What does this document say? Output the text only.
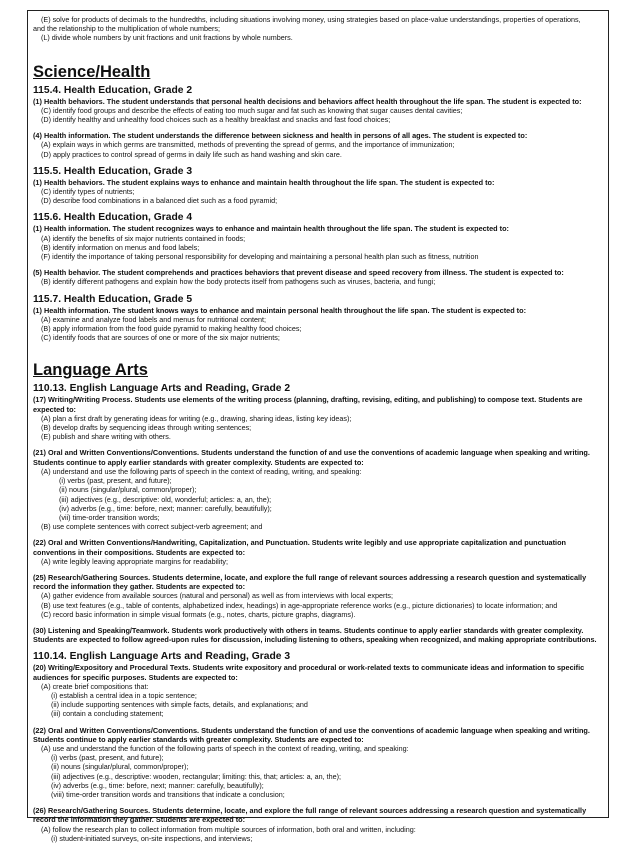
(E) solve for products of decimals to the hundredths, including situations involving money, using strategies based on place-value understandings, properties of operations,
and the relationship to the multiplication of whole numbers;
(L) divide whole numbers by unit fractions and unit fractions by whole numbers.
Science/Health
115.4. Health Education, Grade 2
(1) Health behaviors. The student understands that personal health decisions and behaviors affect health throughout the life span. The student is expected to:
(C) identify food groups and describe the effects of eating too much sugar and fat such as knowing that sugar causes dental cavities;
(D) identify healthy and unhealthy food choices such as a healthy breakfast and snacks and fast food choices;
(4) Health information. The student understands the difference between sickness and health in persons of all ages. The student is expected to:
(A) explain ways in which germs are transmitted, methods of preventing the spread of germs, and the importance of immunization;
(D) apply practices to control spread of germs in daily life such as hand washing and skin care.
115.5. Health Education, Grade 3
(1) Health behaviors. The student explains ways to enhance and maintain health throughout the life span. The student is expected to:
(C) identify types of nutrients;
(D) describe food combinations in a balanced diet such as a food pyramid;
115.6. Health Education, Grade 4
(1) Health information. The student recognizes ways to enhance and maintain health throughout the life span. The student is expected to:
(A) identify the benefits of six major nutrients contained in foods;
(B) identify information on menus and food labels;
(F) identify the importance of taking personal responsibility for developing and maintaining a personal health plan such as fitness, nutrition
(5) Health behavior. The student comprehends and practices behaviors that prevent disease and speed recovery from illness. The student is expected to:
(B) identify different pathogens and explain how the body protects itself from pathogens such as viruses, bacteria, and fungi;
115.7. Health Education, Grade 5
(1) Health information. The student knows ways to enhance and maintain personal health throughout the life span. The student is expected to:
(A) examine and analyze food labels and menus for nutritional content;
(B) apply information from the food guide pyramid to making healthy food choices;
(C) identify foods that are sources of one or more of the six major nutrients;
Language Arts
110.13. English Language Arts and Reading, Grade 2
(17) Writing/Writing Process. Students use elements of the writing process (planning, drafting, revising, editing, and publishing) to compose text. Students are
expected to:
(A) plan a first draft by generating ideas for writing (e.g., drawing, sharing ideas, listing key ideas);
(B) develop drafts by sequencing ideas through writing sentences;
(E) publish and share writing with others.
(21) Oral and Written Conventions/Conventions. Students understand the function of and use the conventions of academic language when speaking and writing.
Students continue to apply earlier standards with greater complexity. Students are expected to:
(A) understand and use the following parts of speech in the context of reading, writing, and speaking:
(i) verbs (past, present, and future);
(ii) nouns (singular/plural, common/proper);
(iii) adjectives (e.g., descriptive: old, wonderful; articles: a, an, the);
(iv) adverbs (e.g., time: before, next; manner: carefully, beautifully);
(vii) time-order transition words;
(B) use complete sentences with correct subject-verb agreement; and
(22) Oral and Written Conventions/Handwriting, Capitalization, and Punctuation. Students write legibly and use appropriate capitalization and punctuation
conventions in their compositions. Students are expected to:
(A) write legibly leaving appropriate margins for readability;
(25) Research/Gathering Sources. Students determine, locate, and explore the full range of relevant sources addressing a research question and systematically
record the information they gather. Students are expected to:
(A) gather evidence from available sources (natural and personal) as well as from interviews with local experts;
(B) use text features (e.g., table of contents, alphabetized index, headings) in age-appropriate reference works (e.g., picture dictionaries) to locate information; and
(C) record basic information in simple visual formats (e.g., notes, charts, picture graphs, diagrams).
(30) Listening and Speaking/Teamwork. Students work productively with others in teams. Students continue to apply earlier standards with greater complexity.
Students are expected to follow agreed-upon rules for discussion, including listening to others, speaking when recognized, and making appropriate contributions.
110.14. English Language Arts and Reading, Grade 3
(20) Writing/Expository and Procedural Texts. Students write expository and procedural or work-related texts to communicate ideas and information to specific
audiences for specific purposes. Students are expected to:
(A) create brief compositions that:
(i) establish a central idea in a topic sentence;
(ii) include supporting sentences with simple facts, details, and explanations; and
(iii) contain a concluding statement;
(22) Oral and Written Conventions/Conventions. Students understand the function of and use the conventions of academic language when speaking and writing.
Students continue to apply earlier standards with greater complexity. Students are expected to:
(A) use and understand the function of the following parts of speech in the context of reading, writing, and speaking:
(i) verbs (past, present, and future);
(ii) nouns (singular/plural, common/proper);
(iii) adjectives (e.g., descriptive: wooden, rectangular; limiting: this, that; articles: a, an, the);
(iv) adverbs (e.g., time: before, next; manner: carefully, beautifully);
(viii) time-order transition words and transitions that indicate a conclusion;
(26) Research/Gathering Sources. Students determine, locate, and explore the full range of relevant sources addressing a research question and systematically
record the information they gather. Students are expected to:
(A) follow the research plan to collect information from multiple sources of information, both oral and written, including:
(i) student-initiated surveys, on-site inspections, and interviews;
